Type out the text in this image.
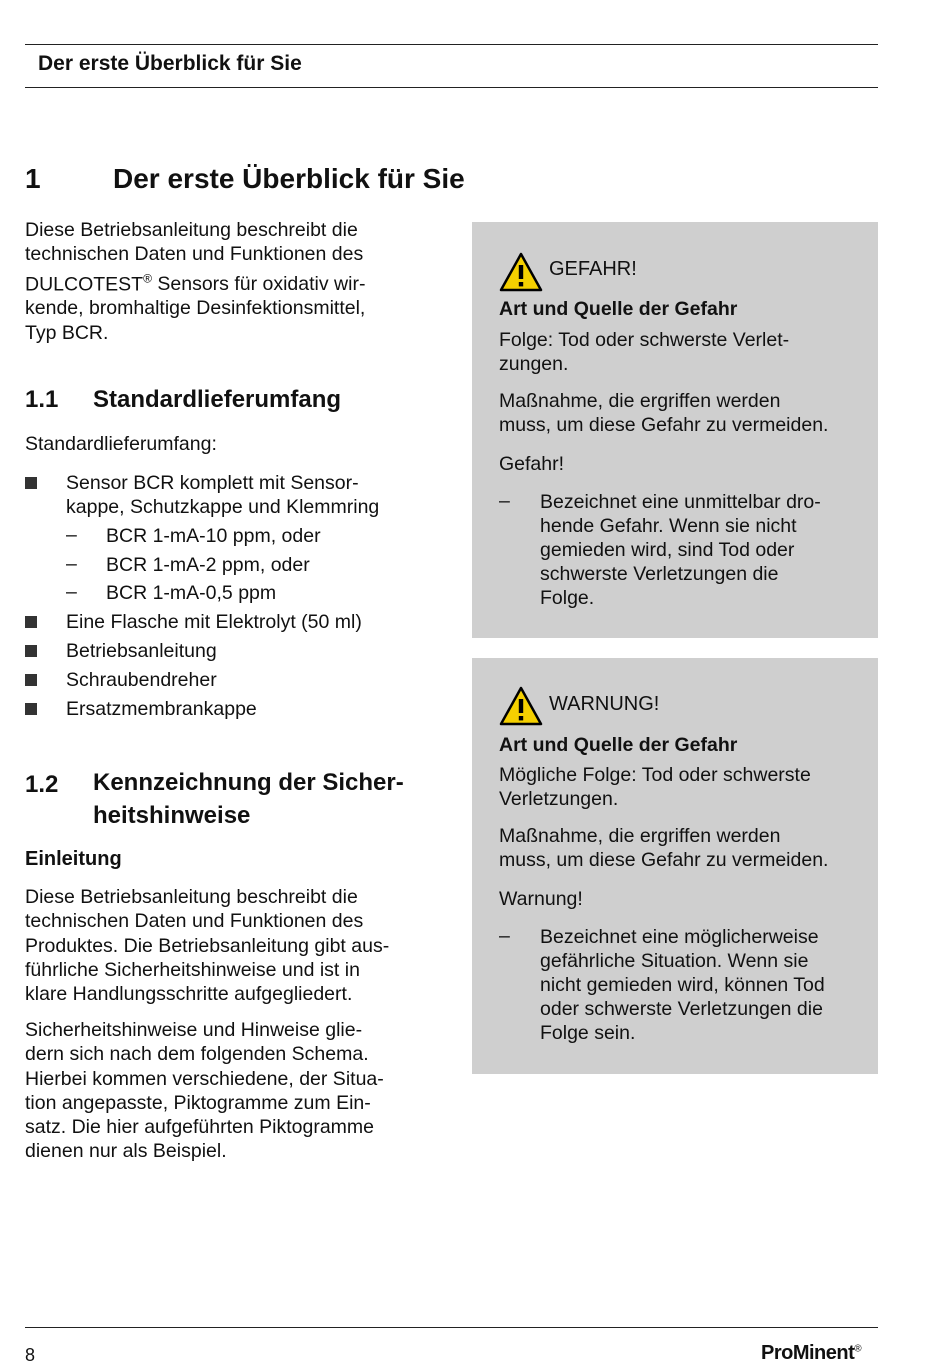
Der erste Überblick für Sie
1	Der erste Überblick für Sie
Diese Betriebsanleitung beschreibt die
technischen Daten und Funktionen des
DULCOTEST® Sensors für oxidativ wir-
kende, bromhaltige Desinfektionsmittel,
Typ BCR.
1.1 Standardlieferumfang
Standardlieferumfang:
Sensor BCR komplett mit Sensor-
kappe, Schutzkappe und Klemmring
– BCR 1-mA-10 ppm, oder
– BCR 1-mA-2 ppm, oder
– BCR 1-mA-0,5 ppm
Eine Flasche mit Elektrolyt (50 ml)
Betriebsanleitung
Schraubendreher
Ersatzmembrankappe
1.2 Kennzeichnung der Sicher-
heitshinweise
Einleitung
Diese Betriebsanleitung beschreibt die
technischen Daten und Funktionen des
Produktes. Die Betriebsanleitung gibt aus-
führliche Sicherheitshinweise und ist in
klare Handlungsschritte aufgegliedert.
Sicherheitshinweise und Hinweise glie-
dern sich nach dem folgenden Schema.
Hierbei kommen verschiedene, der Situa-
tion angepasste, Piktogramme zum Ein-
satz. Die hier aufgeführten Piktogramme
dienen nur als Beispiel.
GEFAHR!
Art und Quelle der Gefahr
Folge: Tod oder schwerste Verlet-
zungen.
Maßnahme, die ergriffen werden
muss, um diese Gefahr zu vermeiden.
Gefahr!
– Bezeichnet eine unmittelbar dro-
hende Gefahr. Wenn sie nicht
gemieden wird, sind Tod oder
schwerste Verletzungen die
Folge.
WARNUNG!
Art und Quelle der Gefahr
Mögliche Folge: Tod oder schwerste
Verletzungen.
Maßnahme, die ergriffen werden
muss, um diese Gefahr zu vermeiden.
Warnung!
– Bezeichnet eine möglicherweise
gefährliche Situation. Wenn sie
nicht gemieden wird, können Tod
oder schwerste Verletzungen die
Folge sein.
8	ProMinent®
